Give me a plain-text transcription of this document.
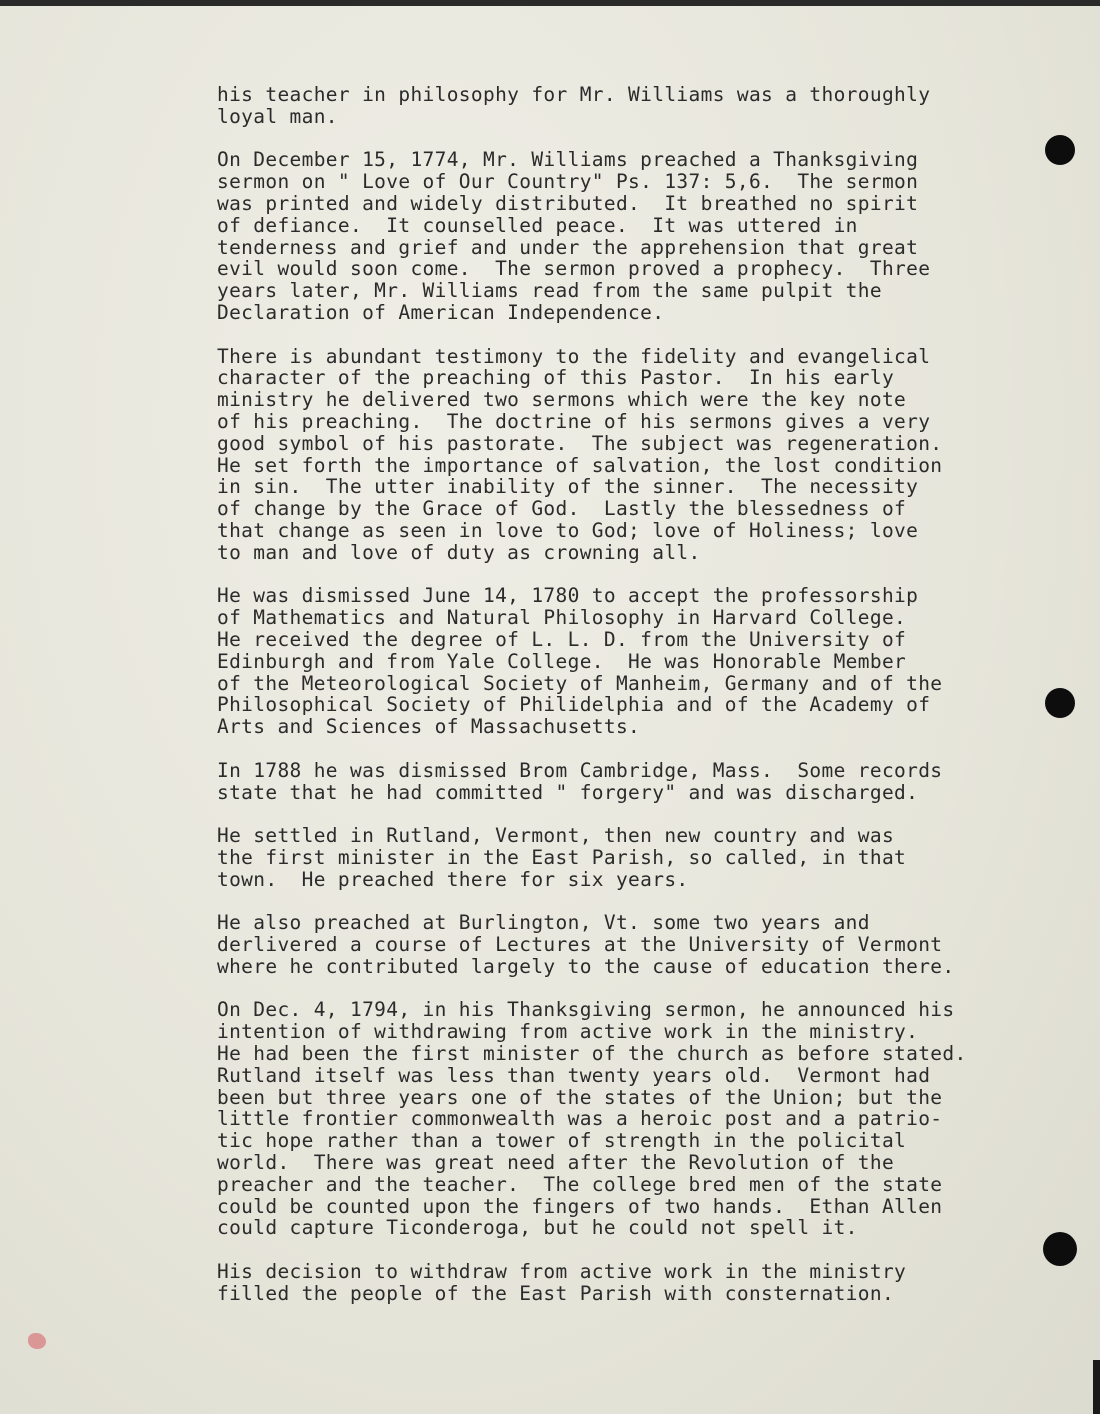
his teacher in philosophy for Mr. Williams was a thoroughly
loyal man.
On December 15, 1774, Mr. Williams preached a Thanksgiving
sermon on " Love of Our Country" Ps. 137: 5,6.  The sermon
was printed and widely distributed.  It breathed no spirit
of defiance.  It counselled peace.  It was uttered in
tenderness and grief and under the apprehension that great
evil would soon come.  The sermon proved a prophecy.  Three
years later, Mr. Williams read from the same pulpit the
Declaration of American Independence.
There is abundant testimony to the fidelity and evangelical
character of the preaching of this Pastor.  In his early
ministry he delivered two sermons which were the key note
of his preaching.  The doctrine of his sermons gives a very
good symbol of his pastorate.  The subject was regeneration.
He set forth the importance of salvation, the lost condition
in sin.  The utter inability of the sinner.  The necessity
of change by the Grace of God.  Lastly the blessedness of
that change as seen in love to God; love of Holiness; love
to man and love of duty as crowning all.
He was dismissed June 14, 1780 to accept the professorship
of Mathematics and Natural Philosophy in Harvard College.
He received the degree of L. L. D. from the University of
Edinburgh and from Yale College.  He was Honorable Member
of the Meteorological Society of Manheim, Germany and of the
Philosophical Society of Philidelphia and of the Academy of
Arts and Sciences of Massachusetts.
In 1788 he was dismissed Brom Cambridge, Mass.  Some records
state that he had committed " forgery" and was discharged.
He settled in Rutland, Vermont, then new country and was
the first minister in the East Parish, so called, in that
town.  He preached there for six years.
He also preached at Burlington, Vt. some two years and
derlivered a course of Lectures at the University of Vermont
where he contributed largely to the cause of education there.
On Dec. 4, 1794, in his Thanksgiving sermon, he announced his
intention of withdrawing from active work in the ministry.
He had been the first minister of the church as before stated.
Rutland itself was less than twenty years old.  Vermont had
been but three years one of the states of the Union; but the
little frontier commonwealth was a heroic post and a patrio-
tic hope rather than a tower of strength in the policital
world.  There was great need after the Revolution of the
preacher and the teacher.  The college bred men of the state
could be counted upon the fingers of two hands.  Ethan Allen
could capture Ticonderoga, but he could not spell it.
His decision to withdraw from active work in the ministry
filled the people of the East Parish with consternation.
